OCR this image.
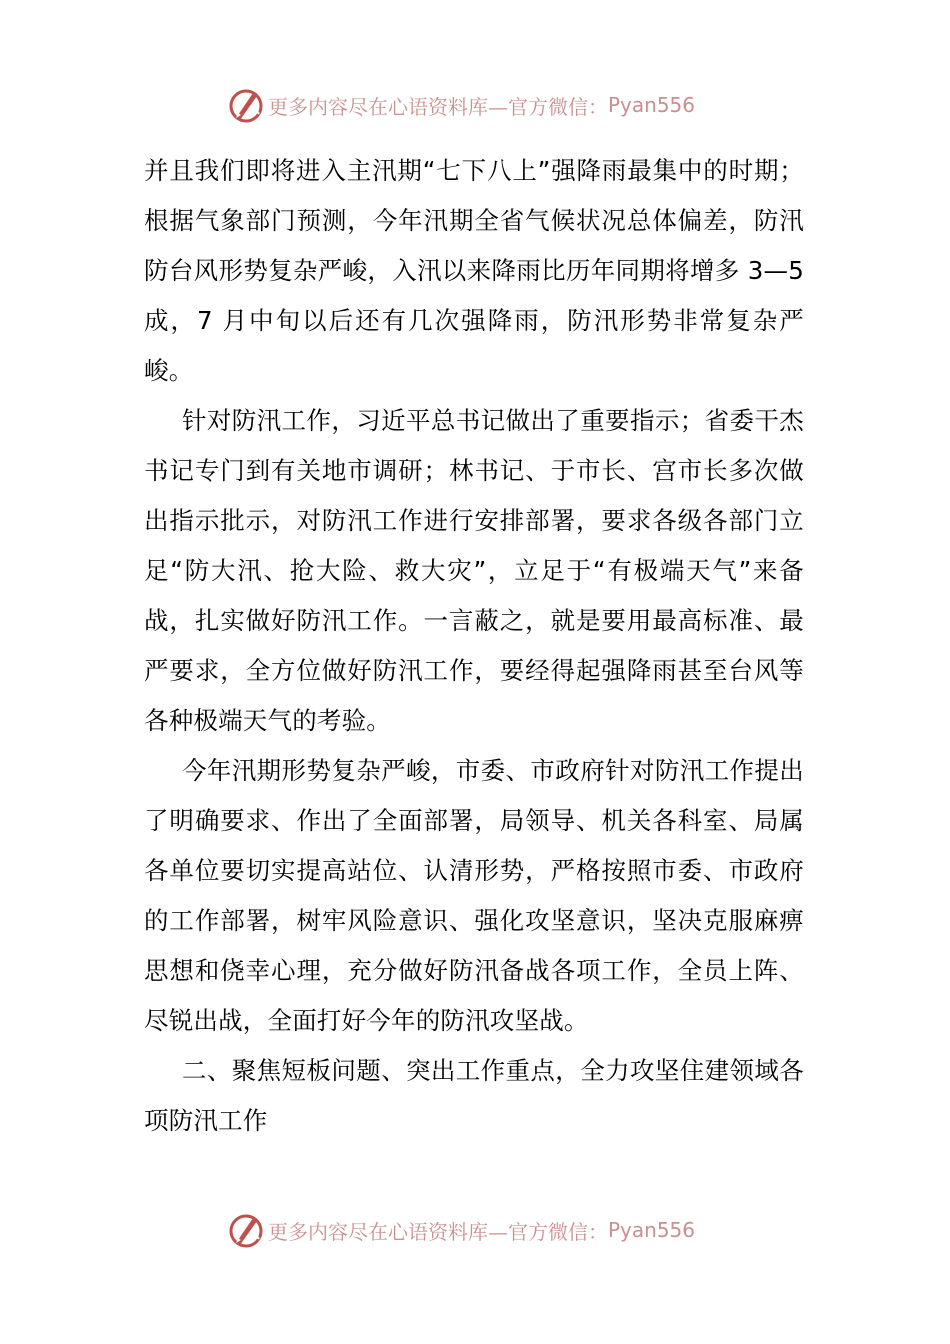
更多内容尽在心语资料库—官方微信： Pyan556

并且我们即将进入主汛期“七下八上”强降雨最集中的时期；根据气象部门预测，今年汛期全省气候状况总体偏差，防汛防台风形势复杂严峻，入汛以来降雨比历年同期将增多 3—5 成，7 月中旬以后还有几次强降雨，防汛形势非常复杂严峻。

针对防汛工作，习近平总书记做出了重要指示；省委干杰书记专门到有关地市调研；林书记、于市长、宫市长多次做出指示批示，对防汛工作进行安排部署，要求各级各部门立足“防大汛、抢大险、救大灾”，立足于“有极端天气”来备战，扎实做好防汛工作。一言蔽之，就是要用最高标准、最严要求，全方位做好防汛工作，要经得起强降雨甚至台风等各种极端天气的考验。

今年汛期形势复杂严峻，市委、市政府针对防汛工作提出了明确要求、作出了全面部署，局领导、机关各科室、局属各单位要切实提高站位、认清形势，严格按照市委、市政府的工作部署，树牢风险意识、强化攻坚意识，坚决克服麻痹思想和侥幸心理，充分做好防汛备战各项工作，全员上阵、尽锐出战，全面打好今年的防汛攻坚战。

二、聚焦短板问题、突出工作重点，全力攻坚住建领域各项防汛工作

更多内容尽在心语资料库—官方微信： Pyan556
